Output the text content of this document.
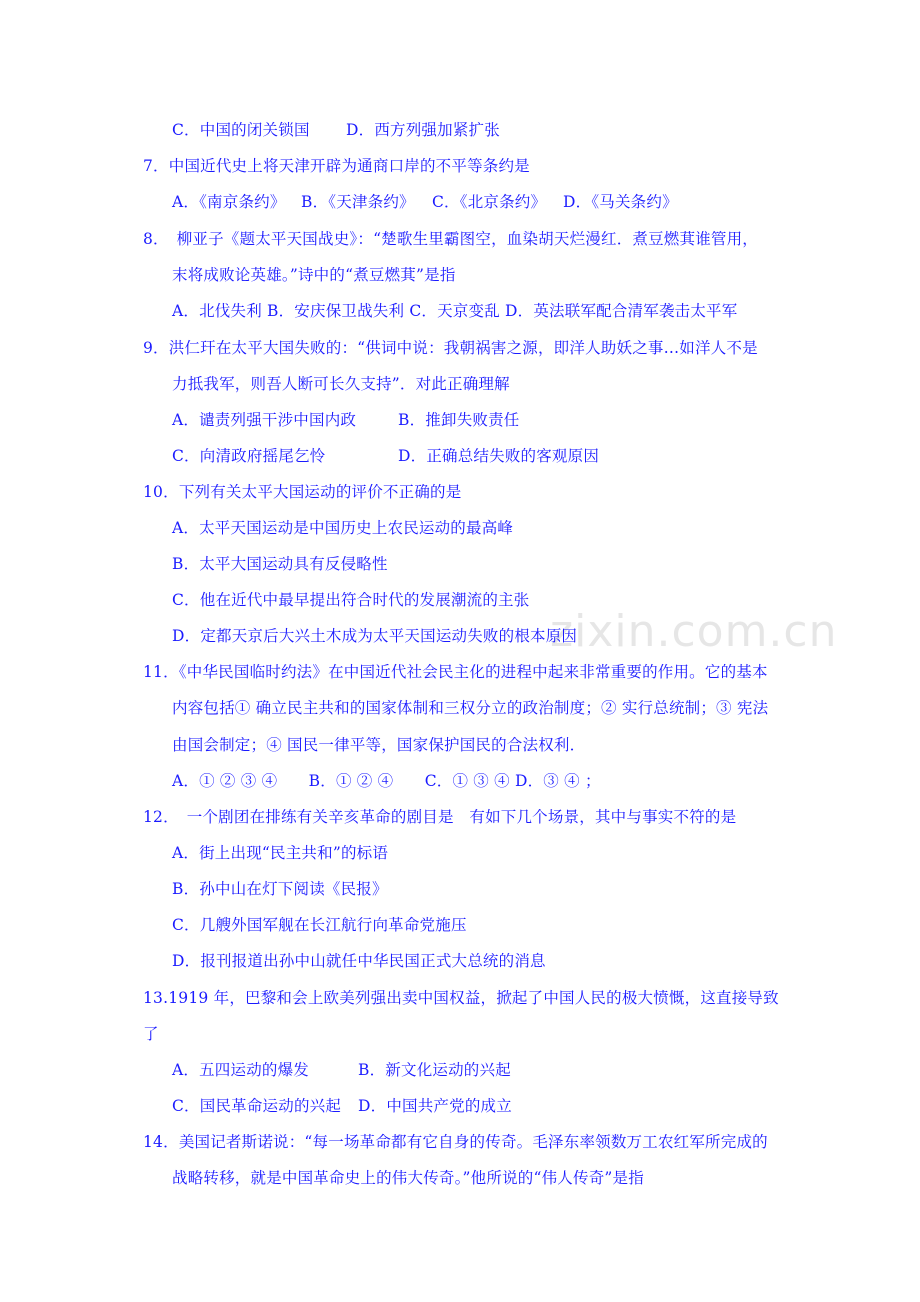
zixin.com.cn
C．中国的闭关锁国 D．西方列强加紧扩张
7．中国近代史上将天津开辟为通商口岸的不平等条约是
A．《南京条约》 B．《天津条约》 C．《北京条约》 D．《马关条约》
8．　柳亚子《题太平天国战史》：“楚歌生里霸图空，血染胡天烂漫红．煮豆燃萁谁管用，
末将成败论英雄。”诗中的“煮豆燃萁”是指
A．北伐失利 B．安庆保卫战失利 C．天京变乱 D．英法联军配合清军袭击太平军
9．洪仁玕在太平大国失败的：“供词中说：我朝祸害之源，即洋人助妖之事…如洋人不是
力抵我军，则吾人断可长久支持”．对此正确理解
A．谴责列强干涉中国内政	B．推卸失败责任
C．向清政府摇尾乞怜	D．正确总结失败的客观原因
10．下列有关太平大国运动的评价不正确的是
A．太平天国运动是中国历史上农民运动的最高峰
B．太平大国运动具有反侵略性
C．他在近代中最早提出符合时代的发展潮流的主张
D．定都天京后大兴土木成为太平天国运动失败的根本原因
11．《中华民国临时约法》在中国近代社会民主化的进程中起来非常重要的作用。它的基本
内容包括① 确立民主共和的国家体制和三权分立的政治制度；② 实行总统制；③ 宪法
由国会制定；④ 国民一律平等，国家保护国民的合法权利．
A．① ② ③ ④　　B．① ② ④　　C．① ③ ④ D．③ ④ ；
12．　一个剧团在排练有关辛亥革命的剧目是　有如下几个场景，其中与事实不符的是
A．街上出现“民主共和”的标语
B．孙中山在灯下阅读《民报》
C．几艘外国军舰在长江航行向革命党施压
D．报刊报道出孙中山就任中华民国正式大总统的消息
13.1919 年，巴黎和会上欧美列强出卖中国权益，掀起了中国人民的极大愤慨，这直接导致
了
A．五四运动的爆发	B．新文化运动的兴起
C．国民革命运动的兴起 D．中国共产党的成立
14．美国记者斯诺说：“每一场革命都有它自身的传奇。毛泽东率领数万工农红军所完成的
战略转移，就是中国革命史上的伟大传奇。”他所说的“伟人传奇”是指
